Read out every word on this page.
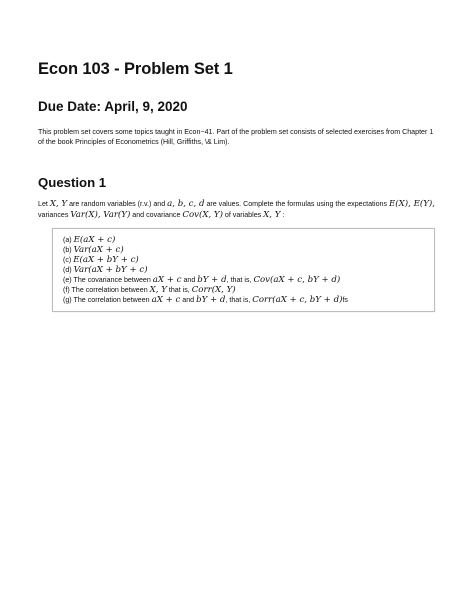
Econ 103 - Problem Set 1
Due Date: April, 9, 2020

This problem set covers some topics taught in Econ~41. Part of the problem set consists of selected exercises from Chapter 1 of the book Principles of Econometrics (Hill, Griffiths, \& Lim).

Question 1
Let X, Y are random variables (r.v.) and a, b, c, d are values. Complete the formulas using the expectations E(X), E(Y),
variances Var(X), Var(Y) and covariance Cov(X, Y) of variables X, Y :
(a) E(aX + c)
(b) Var(aX + c)
(c) E(aX + bY + c)
(d) Var(aX + bY + c)
(e) The covariance between aX + c and bY + d, that is, Cov(aX + c, bY + d)
(f) The correlation between X, Y that is, Corr(X, Y)
(g) The correlation between aX + c and bY + d, that is, Corr(aX + c, bY + d)fs
